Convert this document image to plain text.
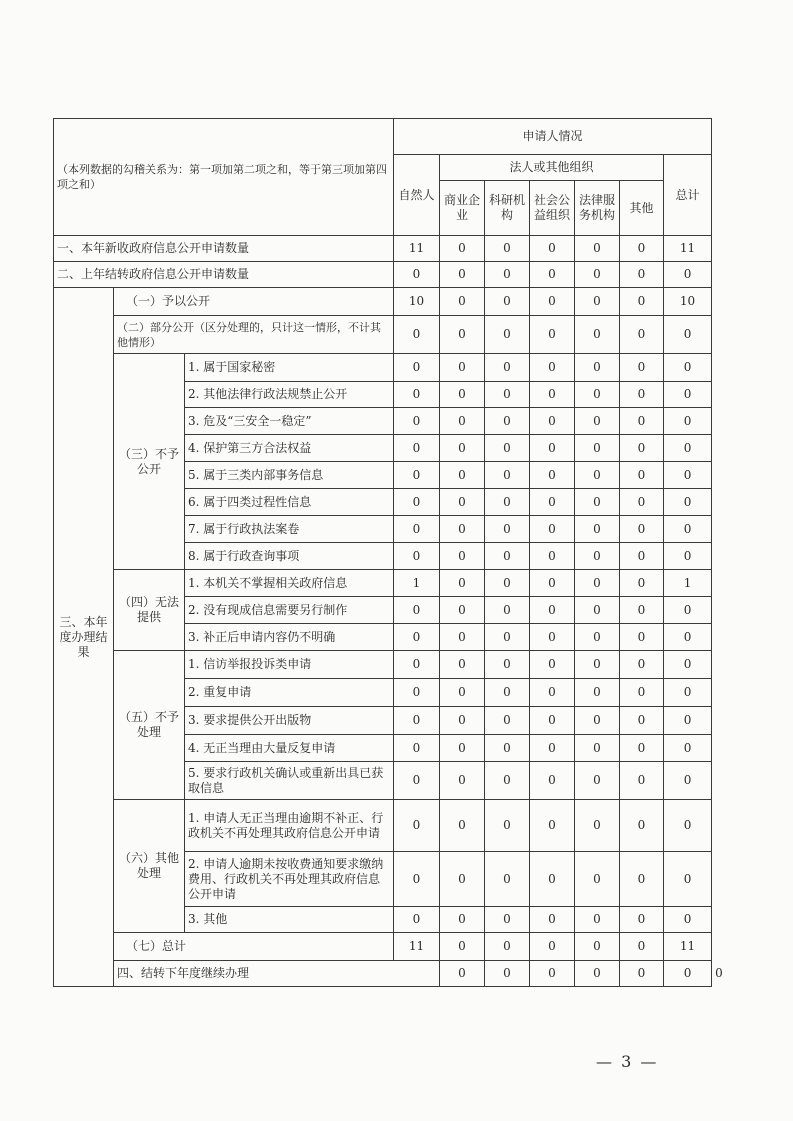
（本列数据的勾稽关系为：第一项加第二项之和，等于第三项加第四项之和）			申请人情况							
			自然人	法人或其他组织					总计	
				商业企业	科研机构	社会公益组织	法律服务机构	其他		
一、本年新收政府信息公开申请数量			11	0	0	0	0	0	11	
二、上年结转政府信息公开申请数量			0	0	0	0	0	0	0	
三、本年度办理结果	（一）予以公开		10	0	0	0	0	0	10	
	（二）部分公开（区分处理的，只计这一情形，不计其他情形）		0	0	0	0	0	0	0	
	（三）不予公开	1. 属于国家秘密	0	0	0	0	0	0	0	
		2. 其他法律行政法规禁止公开	0	0	0	0	0	0	0	
		3. 危及“三安全一稳定”	0	0	0	0	0	0	0	
		4. 保护第三方合法权益	0	0	0	0	0	0	0	
		5. 属于三类内部事务信息	0	0	0	0	0	0	0	
		6. 属于四类过程性信息	0	0	0	0	0	0	0	
		7. 属于行政执法案卷	0	0	0	0	0	0	0	
		8. 属于行政查询事项	0	0	0	0	0	0	0	
	（四）无法提供	1. 本机关不掌握相关政府信息	1	0	0	0	0	0	1	
		2. 没有现成信息需要另行制作	0	0	0	0	0	0	0	
		3. 补正后申请内容仍不明确	0	0	0	0	0	0	0	
	（五）不予处理	1. 信访举报投诉类申请	0	0	0	0	0	0	0	
		2. 重复申请	0	0	0	0	0	0	0	
		3. 要求提供公开出版物	0	0	0	0	0	0	0	
		4. 无正当理由大量反复申请	0	0	0	0	0	0	0	
		5. 要求行政机关确认或重新出具已获取信息	0	0	0	0	0	0	0	
	（六）其他处理	1. 申请人无正当理由逾期不补正、行政机关不再处理其政府信息公开申请	0	0	0	0	0	0	0	
		2. 申请人逾期未按收费通知要求缴纳费用、行政机关不再处理其政府信息公开申请	0	0	0	0	0	0	0	
		3. 其他	0	0	0	0	0	0	0	
	（七）总计		11	0	0	0	0	0	11	
	四、结转下年度继续办理			0	0	0	0	0	0	0
— 3 —
